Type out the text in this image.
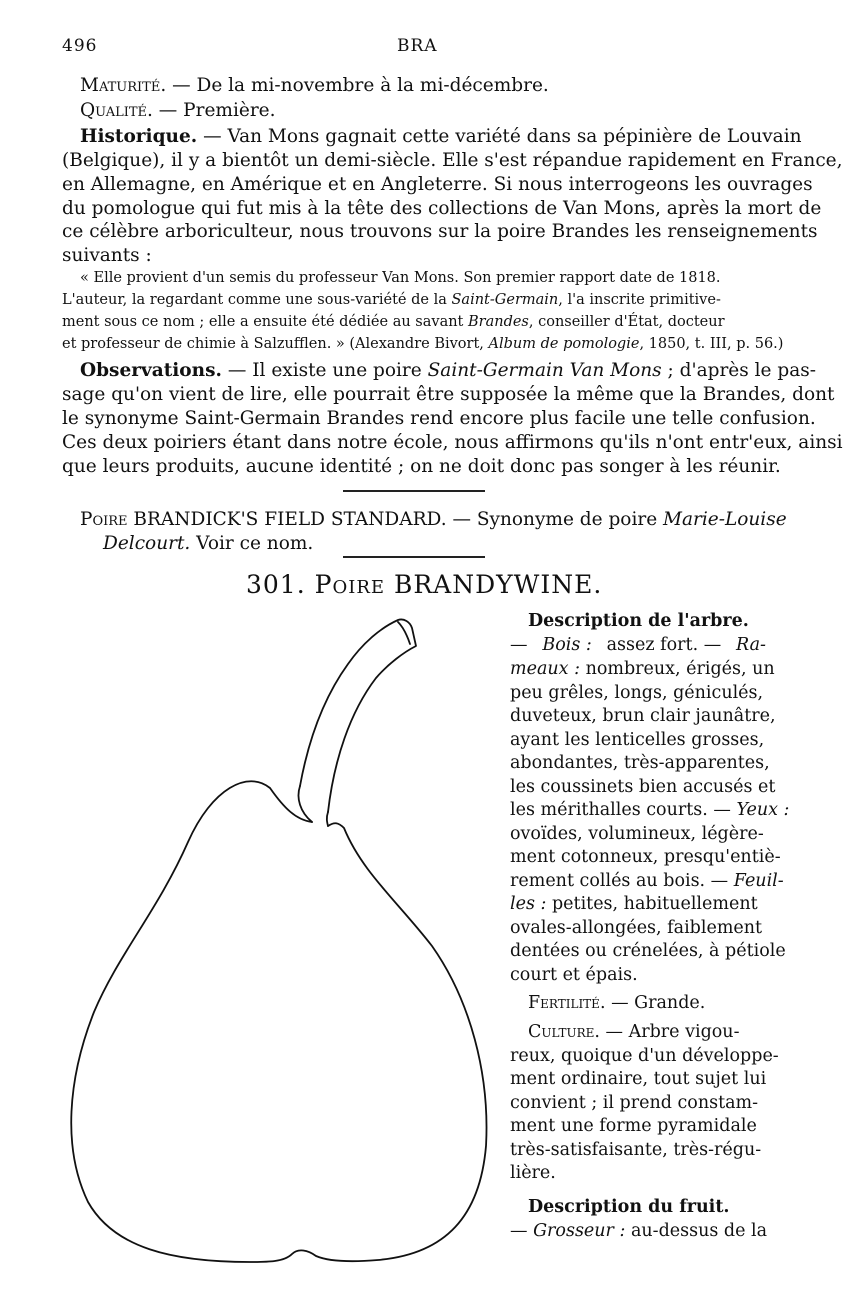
496	BRA
Maturité. — De la mi-novembre à la mi-décembre.
Qualité. — Première.
Historique. — Van Mons gagnait cette variété dans sa pépinière de Louvain
(Belgique), il y a bientôt un demi-siècle. Elle s'est répandue rapidement en France,
en Allemagne, en Amérique et en Angleterre. Si nous interrogeons les ouvrages
du pomologue qui fut mis à la tête des collections de Van Mons, après la mort de
ce célèbre arboriculteur, nous trouvons sur la poire Brandes les renseignements
suivants :
« Elle provient d'un semis du professeur Van Mons. Son premier rapport date de 1818.
L'auteur, la regardant comme une sous-variété de la Saint-Germain, l'a inscrite primitive-
ment sous ce nom ; elle a ensuite été dédiée au savant Brandes, conseiller d'État, docteur
et professeur de chimie à Salzufflen. » (Alexandre Bivort, Album de pomologie, 1850, t. III, p. 56.)
Observations. — Il existe une poire Saint-Germain Van Mons ; d'après le pas-
sage qu'on vient de lire, elle pourrait être supposée la même que la Brandes, dont
le synonyme Saint-Germain Brandes rend encore plus facile une telle confusion.
Ces deux poiriers étant dans notre école, nous affirmons qu'ils n'ont entr'eux, ainsi
que leurs produits, aucune identité ; on ne doit donc pas songer à les réunir.
Poire BRANDICK'S FIELD STANDARD. — Synonyme de poire Marie-Louise
Delcourt. Voir ce nom.
301. Poire BRANDYWINE.
Description de l'arbre.
— Bois : assez fort. — Ra-
meaux : nombreux, érigés, un
peu grêles, longs, géniculés,
duveteux, brun clair jaunâtre,
ayant les lenticelles grosses,
abondantes, très-apparentes,
les coussinets bien accusés et
les mérithalles courts. — Yeux :
ovoïdes, volumineux, légère-
ment cotonneux, presqu'entiè-
rement collés au bois. — Feuil-
les : petites, habituellement
ovales-allongées, faiblement
dentées ou crénelées, à pétiole
court et épais.
Fertilité. — Grande.
Culture. — Arbre vigou-
reux, quoique d'un développe-
ment ordinaire, tout sujet lui
convient ; il prend constam-
ment une forme pyramidale
très-satisfaisante, très-régu-
lière.
Description du fruit.
— Grosseur : au-dessus de la
